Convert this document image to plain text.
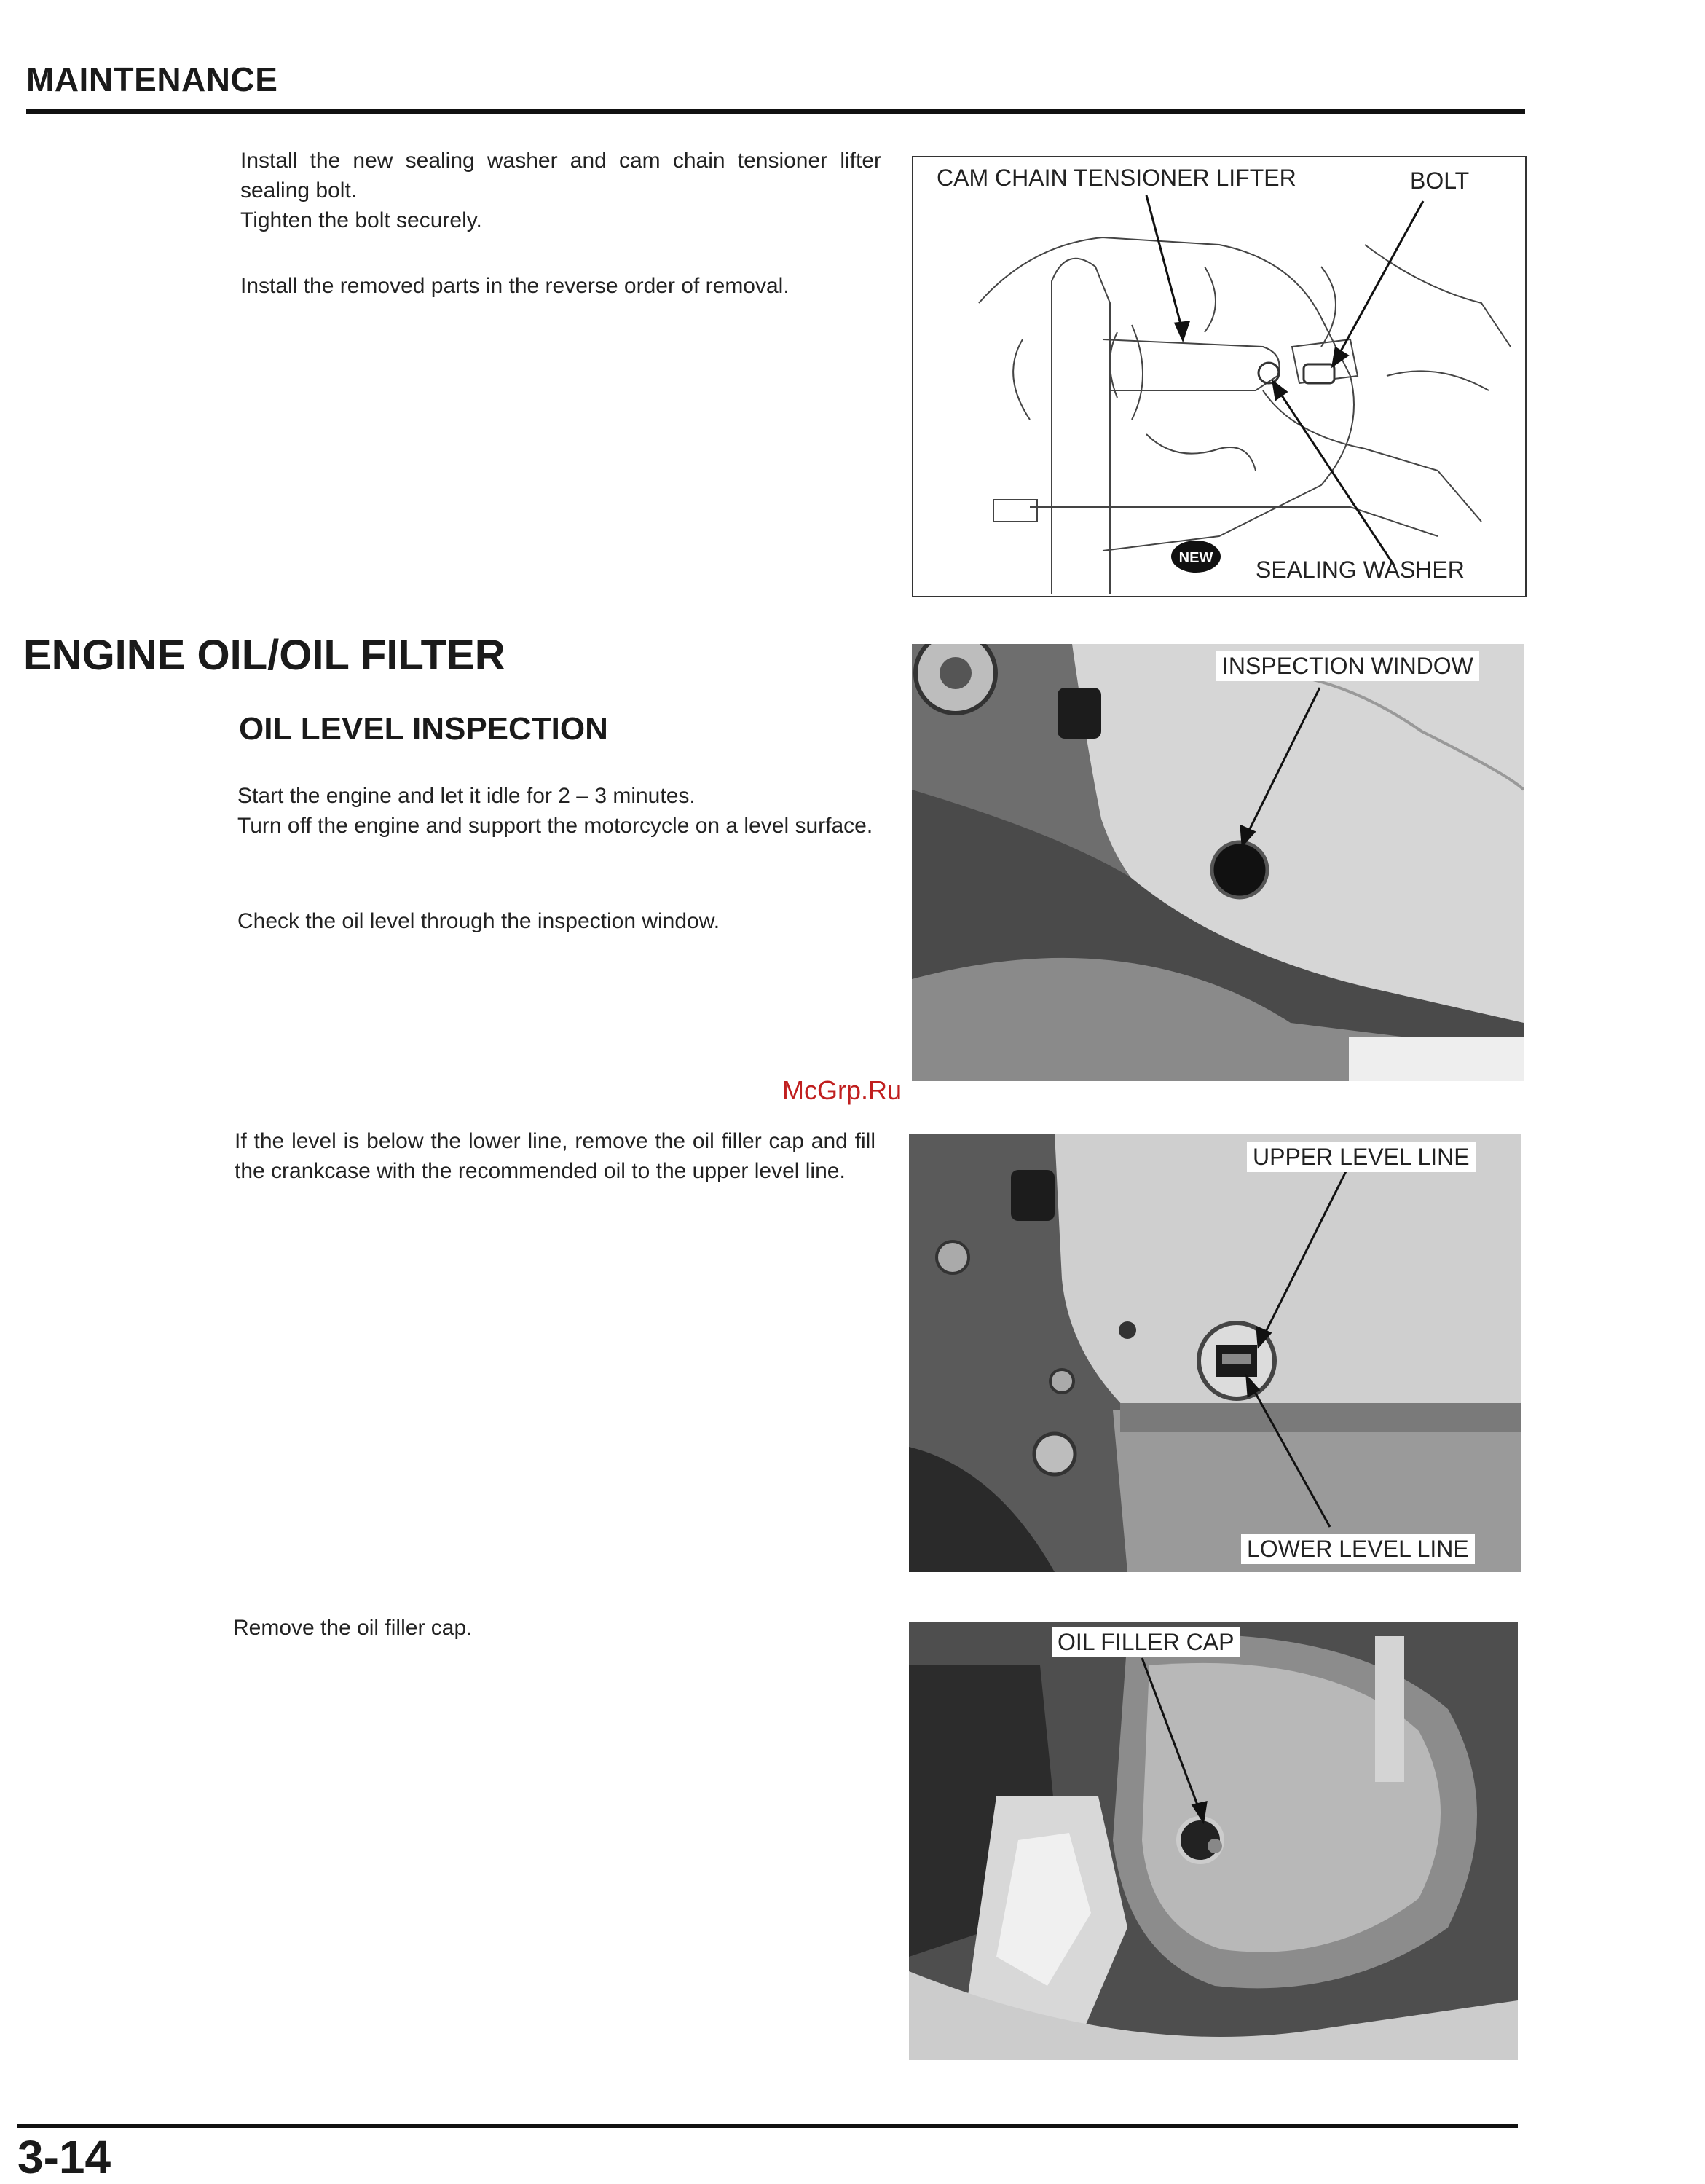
MAINTENANCE
Install the new sealing washer and cam chain tensioner lifter sealing bolt.
Tighten the bolt securely.
Install the removed parts in the reverse order of removal.
NEW
CAM CHAIN TENSIONER LIFTER	BOLT
SEALING WASHER
ENGINE OIL/OIL FILTER
OIL LEVEL INSPECTION
Start the engine and let it idle for 2 – 3 minutes.
Turn off the engine and support the motorcycle on a level surface.
Check the oil level through the inspection window.
INSPECTION WINDOW
McGrp.Ru
If the level is below the lower line, remove the oil filler cap and fill the crankcase with the recommended oil to the upper level line.
UPPER LEVEL LINE
LOWER LEVEL LINE
Remove the oil filler cap.
OIL FILLER CAP
3-14
